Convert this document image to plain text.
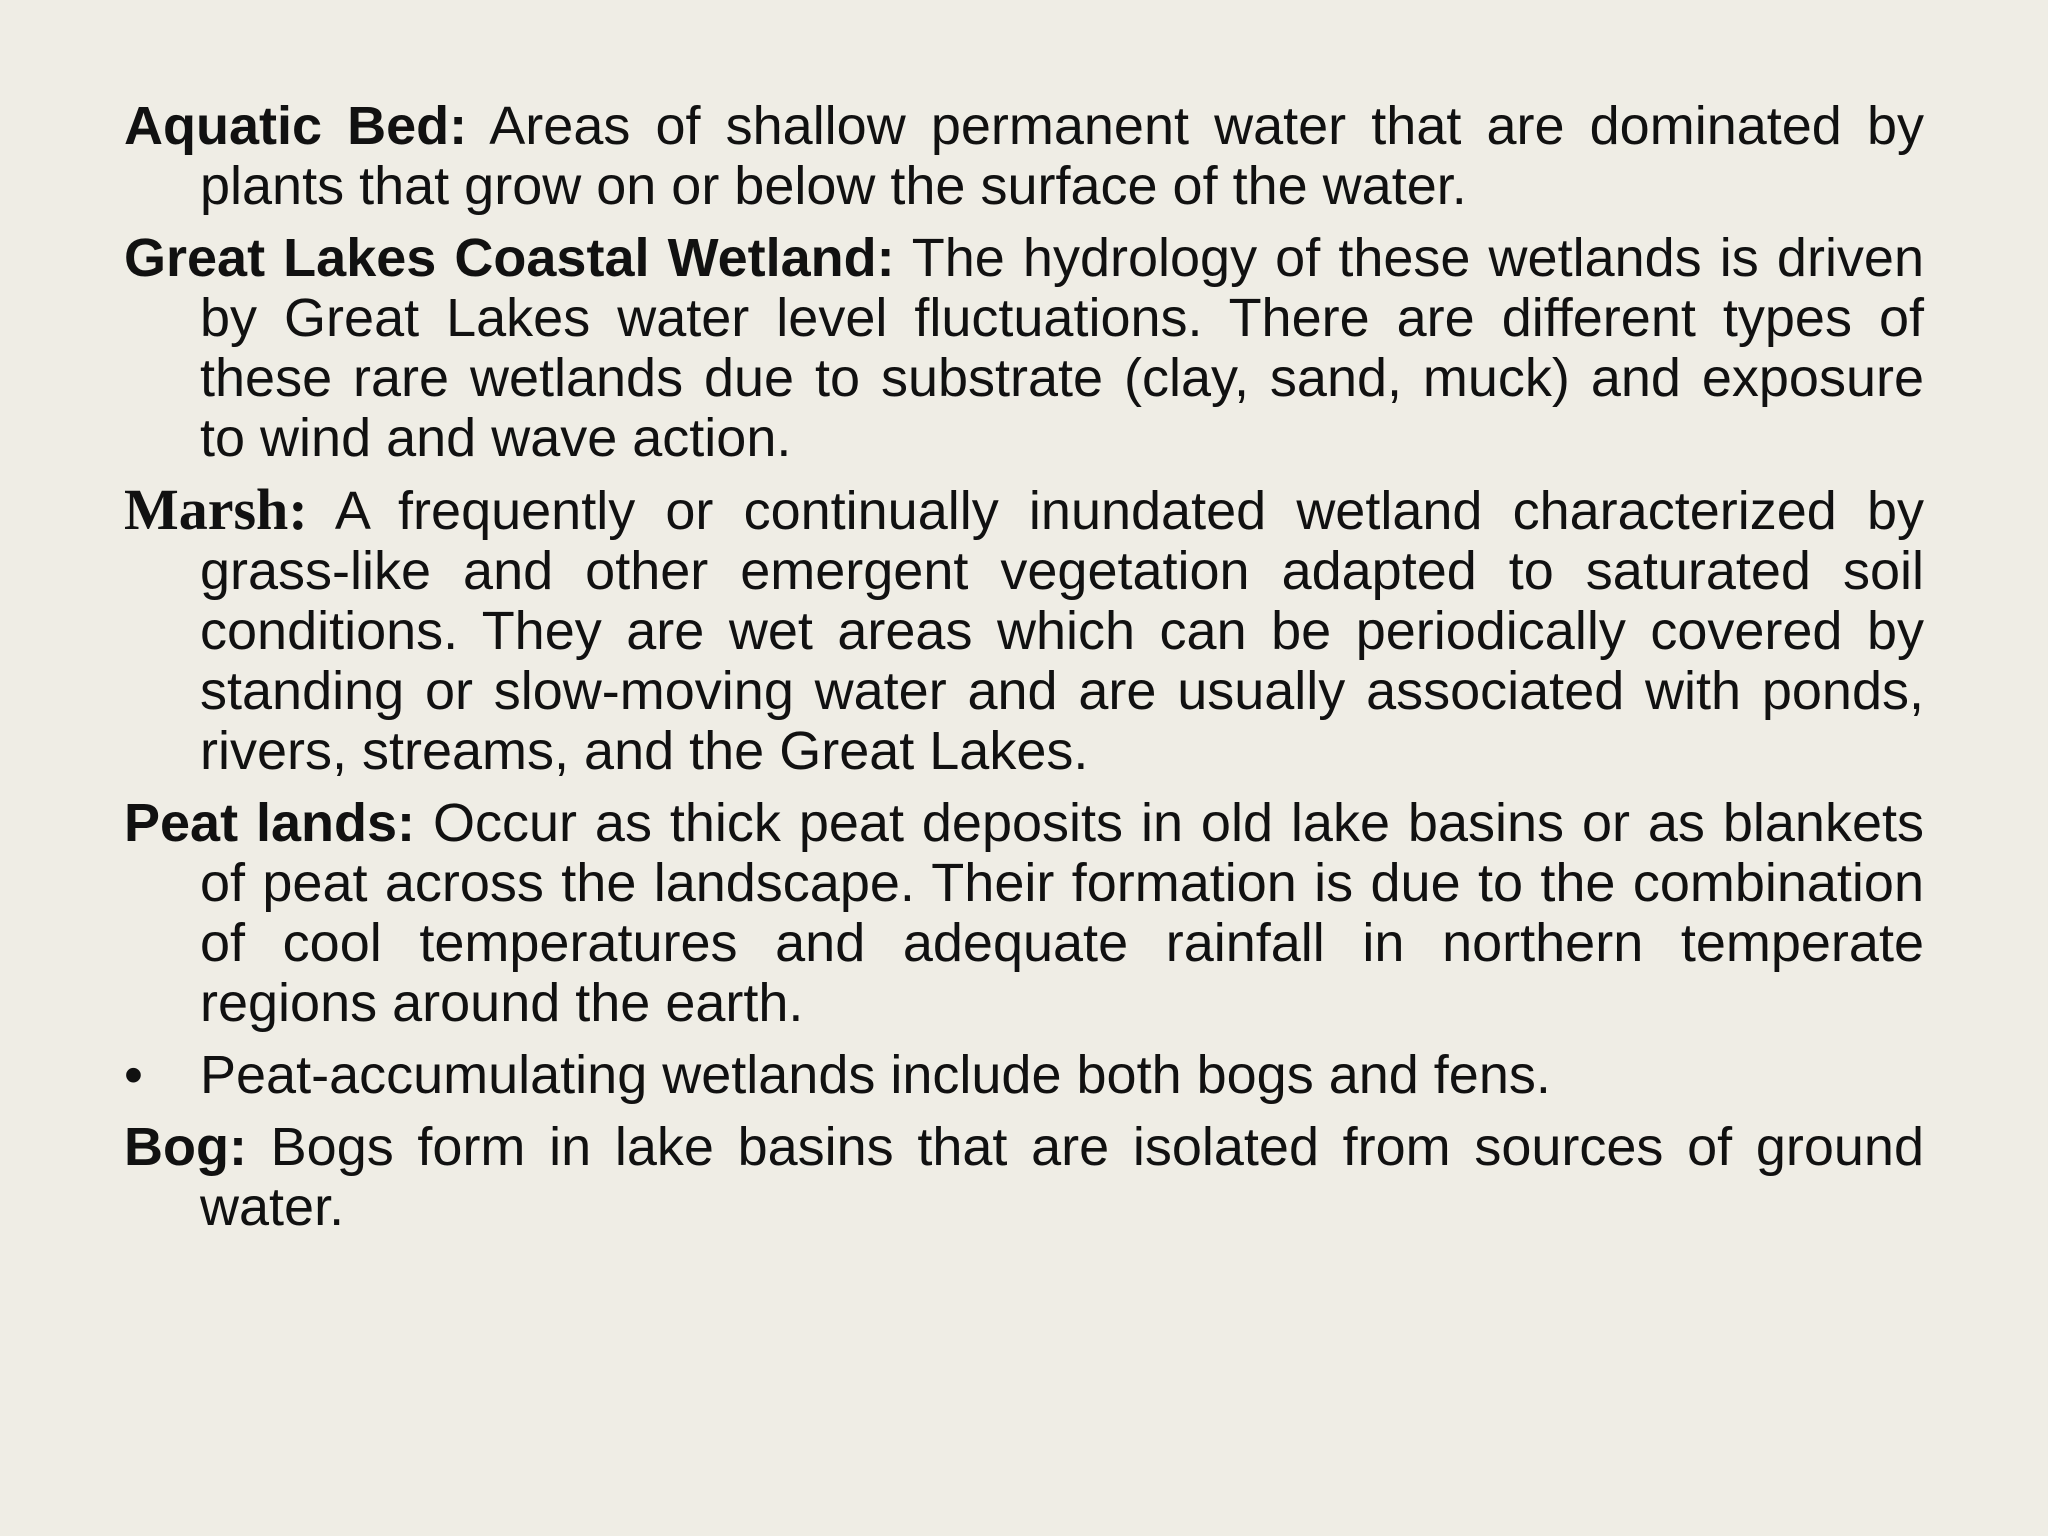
Aquatic Bed: Areas of shallow permanent water that are dominated by plants that grow on or below the surface of the water.

Great Lakes Coastal Wetland: The hydrology of these wetlands is driven by Great Lakes water level fluctuations. There are different types of these rare wetlands due to substrate (clay, sand, muck) and exposure to wind and wave action.

Marsh: A frequently or continually inundated wetland characterized by grass-like and other emergent vegetation adapted to saturated soil conditions. They are wet areas which can be periodically covered by standing or slow-moving water and are usually associated with ponds, rivers, streams, and the Great Lakes.

Peat lands: Occur as thick peat deposits in old lake basins or as blankets of peat across the landscape. Their formation is due to the combination of cool temperatures and adequate rainfall in northern temperate regions around the earth.

• Peat-accumulating wetlands include both bogs and fens.

Bog: Bogs form in lake basins that are isolated from sources of ground water.
